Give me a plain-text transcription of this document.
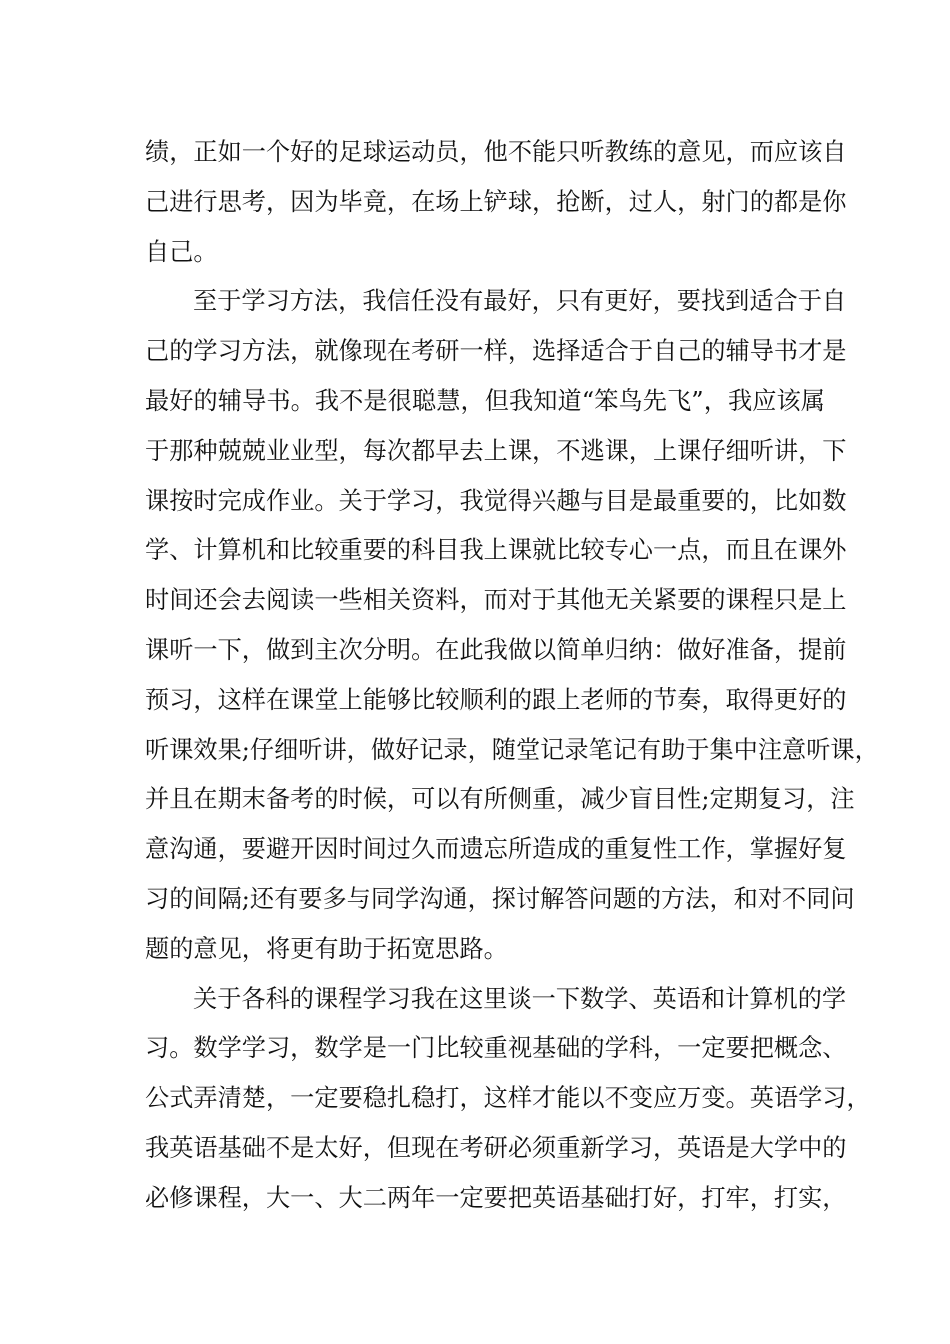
绩，正如一个好的足球运动员，他不能只听教练的意见，而应该自
己进行思考，因为毕竟，在场上铲球，抢断，过人，射门的都是你
自己。
至于学习方法，我信任没有最好，只有更好，要找到适合于自
己的学习方法，就像现在考研一样，选择适合于自己的辅导书才是
最好的辅导书。我不是很聪慧，但我知道“笨鸟先飞”，我应该属
于那种兢兢业业型，每次都早去上课，不逃课，上课仔细听讲，下
课按时完成作业。关于学习，我觉得兴趣与目是最重要的，比如数
学、计算机和比较重要的科目我上课就比较专心一点，而且在课外
时间还会去阅读一些相关资料，而对于其他无关紧要的课程只是上
课听一下，做到主次分明。在此我做以简单归纳：做好准备，提前
预习，这样在课堂上能够比较顺利的跟上老师的节奏，取得更好的
听课效果;仔细听讲，做好记录，随堂记录笔记有助于集中注意听课，
并且在期末备考的时候，可以有所侧重，减少盲目性;定期复习，注
意沟通，要避开因时间过久而遗忘所造成的重复性工作，掌握好复
习的间隔;还有要多与同学沟通，探讨解答问题的方法，和对不同问
题的意见，将更有助于拓宽思路。
关于各科的课程学习我在这里谈一下数学、英语和计算机的学
习。数学学习，数学是一门比较重视基础的学科，一定要把概念、
公式弄清楚，一定要稳扎稳打，这样才能以不变应万变。英语学习，
我英语基础不是太好，但现在考研必须重新学习，英语是大学中的
必修课程，大一、大二两年一定要把英语基础打好，打牢，打实，
